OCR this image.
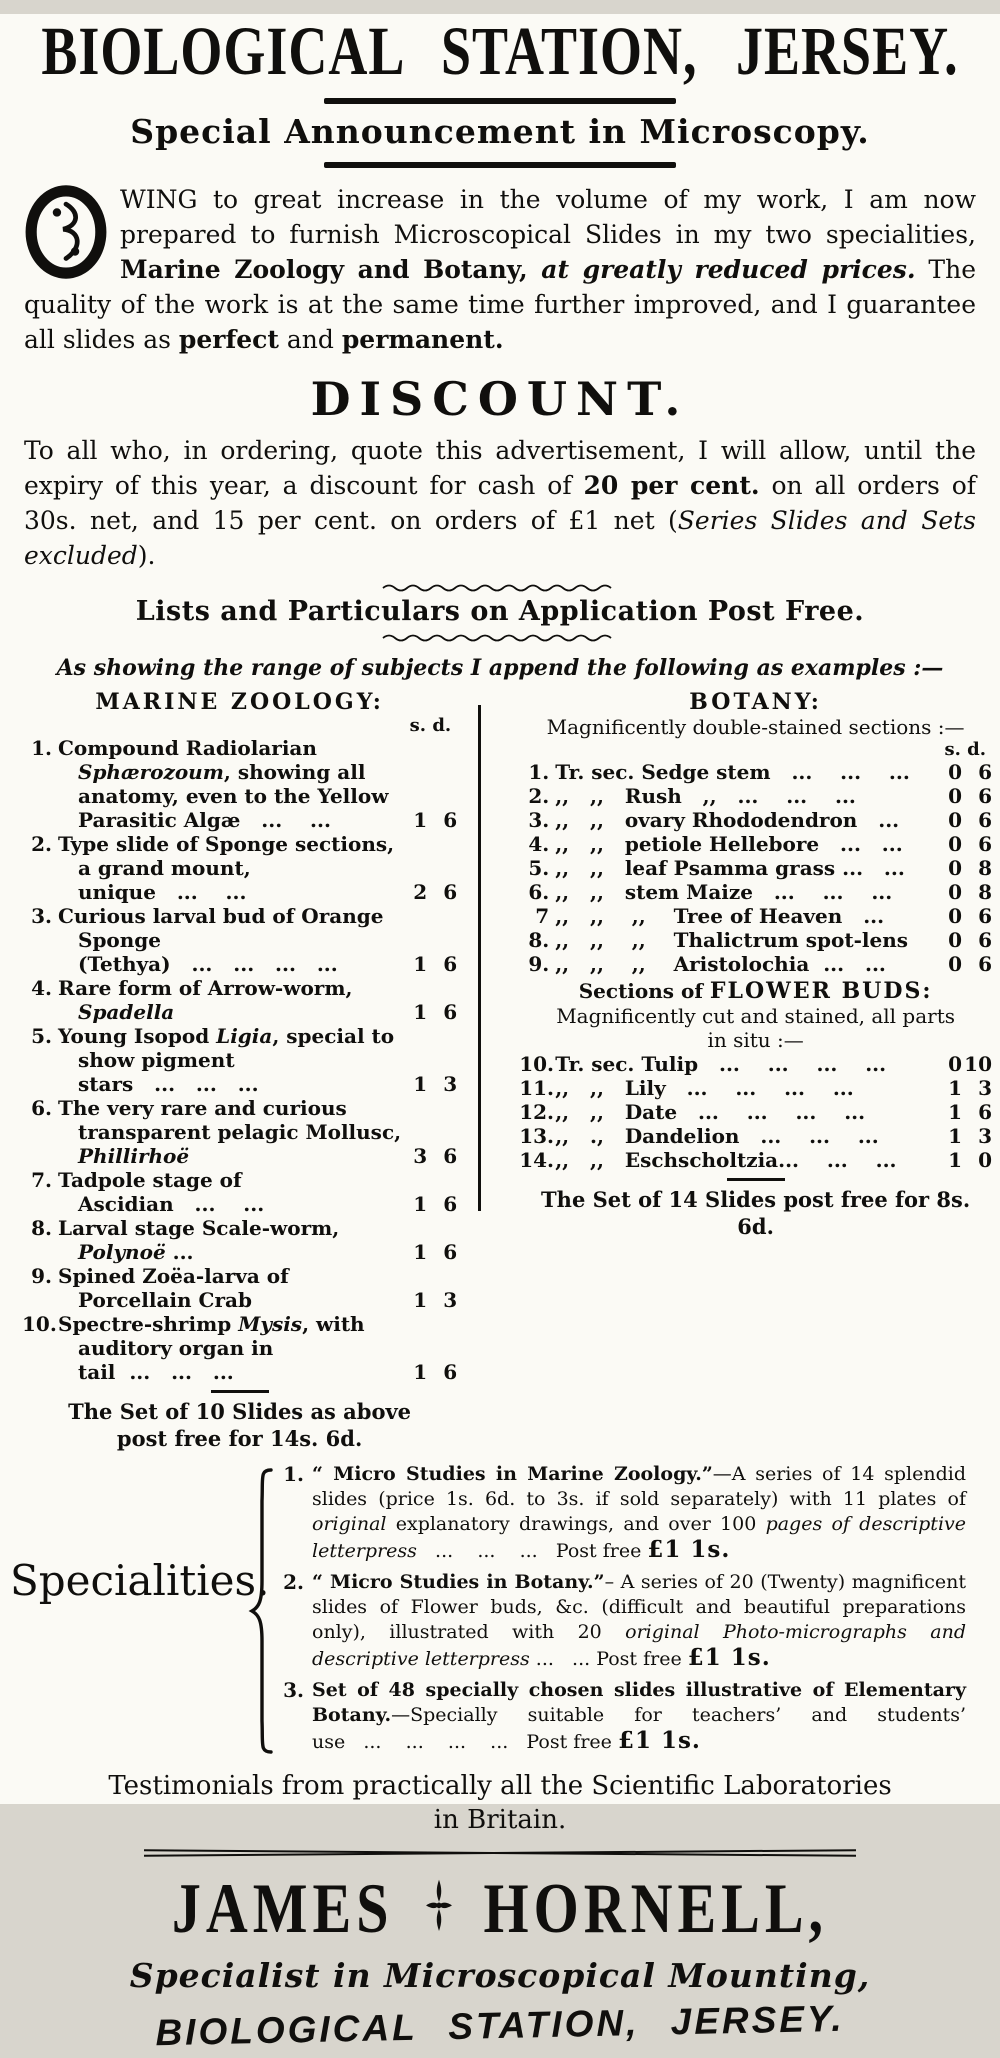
BIOLOGICAL STATION, JERSEY.
Special Announcement in Microscopy.

WING to great increase in the volume of my work, I am now prepared to furnish Microscopical Slides in my two specialities, Marine Zoology and Botany, at greatly reduced prices. The quality of the work is at the same time further improved, and I guarantee all slides as perfect and permanent.

DISCOUNT.

To all who, in ordering, quote this advertisement, I will allow, until the expiry of this year, a discount for cash of 20 per cent. on all orders of 30s. net, and 15 per cent. on orders of £1 net (Series Slides and Sets excluded).

Lists and Particulars on Application Post Free.
As showing the range of subjects I append the following as examples :—
MARINE ZOOLOGY:
s. d.
1. Compound Radiolarian Sphærozoum, showing all anatomy, even to the Yellow Parasitic Algæ   ...    ...	1 6
2. Type slide of Sponge sections, a grand mount, unique   ...    ...	2 6
3. Curious larval bud of Orange Sponge (Tethya)   ...   ...   ...   ...	1 6
4. Rare form of Arrow-worm, Spadella	1 6
5. Young Isopod Ligia, special to show pigment stars   ...   ...   ...	1 3
6. The very rare and curious transparent pelagic Mollusc, Phillirhoë	3 6
7. Tadpole stage of Ascidian   ...    ...	1 6
8. Larval stage Scale-worm, Polynoë ...	1 6
9. Spined Zoëa-larva of Porcellain Crab	1 3
10. Spectre-shrimp Mysis, with auditory organ in tail  ...   ...   ...	1 6
The Set of 10 Slides as above
post free for 14s. 6d.
BOTANY:
Magnificently double-stained sections :—
s. d.
1. Tr. sec. Sedge stem   ...    ...    ...	0 6
2. ,,   ,,   Rush   ,,   ...    ...    ...	0 6
3. ,,   ,,   ovary Rhododendron   ...	0 6
4. ,,   ,,   petiole Hellebore   ...   ...	0 6
5. ,,   ,,   leaf Psamma grass ...   ...	0 8
6. ,,   ,,   stem Maize   ...    ...    ...	0 8
7 ,,   ,,    ,,    Tree of Heaven   ...	0 6
8. ,,   ,,    ,,    Thalictrum spot-lens	0 6
9. ,,   ,,    ,,    Aristolochia  ...   ...	0 6
Sections of FLOWER BUDS:
Magnificently cut and stained, all parts
in situ :—
10. Tr. sec. Tulip   ...    ...    ...    ...	0 10
11. ,,   ,,   Lily   ...    ...    ...    ...	1 3
12. ,,   ,,   Date   ...    ...    ...    ...	1 6
13. ,,   .,   Dandelion   ...    ...    ...	1 3
14. ,,   ,,   Eschscholtzia...    ...    ...	1 0
The Set of 14 Slides post free for 8s. 6d.
Specialities.
1. “ Micro Studies in Marine Zoology.”—A series of 14 splendid slides (price 1s. 6d. to 3s. if sold separately) with 11 plates of original explanatory drawings, and over 100 pages of descriptive letterpress   ...    ...    ...   Post free £1 1s.
2. “ Micro Studies in Botany.”– A series of 20 (Twenty) magnificent slides of Flower buds, &c. (difficult and beautiful preparations only), illustrated with 20 original Photo-micrographs and descriptive letterpress ...   ... Post free £1 1s.
3. Set of 48 specially chosen slides illustrative of Elementary Botany.—Specially suitable for teachers’ and students’ use   ...    ...    ...    ...   Post free £1 1s.
Testimonials from practically all the Scientific Laboratories
in Britain.
JAMES HORNELL,
Specialist in Microscopical Mounting,
BIOLOGICAL STATION, JERSEY.
